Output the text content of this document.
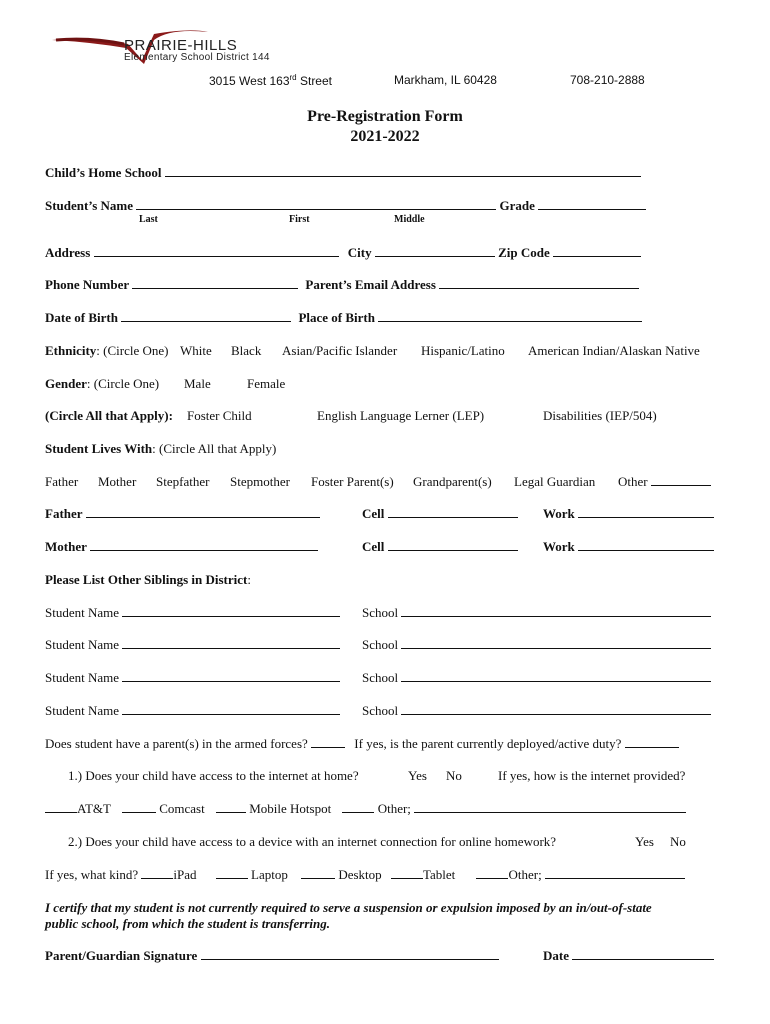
PRAIRIE-HILLS
Elementary School District 144
3015 West 163rd Street	Markham, IL 60428	708-210-2888
Pre-Registration Form
2021-2022
Child’s Home School
Student’s Name	Grade
Last	First	Middle
Address	City	Zip Code
Phone Number	Parent’s Email Address
Date of Birth	Place of Birth
Ethnicity: (Circle One) White Black Asian/Pacific Islander Hispanic/Latino American Indian/Alaskan Native
Gender: (Circle One) Male	Female
(Circle All that Apply): Foster Child	English Language Lerner (LEP)	Disabilities (IEP/504)
Student Lives With: (Circle All that Apply)
Father Mother Stepfather Stepmother Foster Parent(s) Grandparent(s) Legal Guardian Other
Father	Cell	Work
Mother	Cell	Work
Please List Other Siblings in District:
Student Name	School
Student Name	School
Student Name	School
Student Name	School
Does student have a parent(s) in the armed forces?	If yes, is the parent currently deployed/active duty?
1.) Does your child have access to the internet at home?	Yes No	If yes, how is the internet provided?
AT&T	Comcast	Mobile Hotspot	Other;
2.) Does your child have access to a device with an internet connection for online homework?	Yes No
If yes, what kind?	iPad	Laptop	Desktop	Tablet	Other;
I certify that my student is not currently required to serve a suspension or expulsion imposed by an in/out-of-state
public school, from which the student is transferring.
Parent/Guardian Signature	Date
